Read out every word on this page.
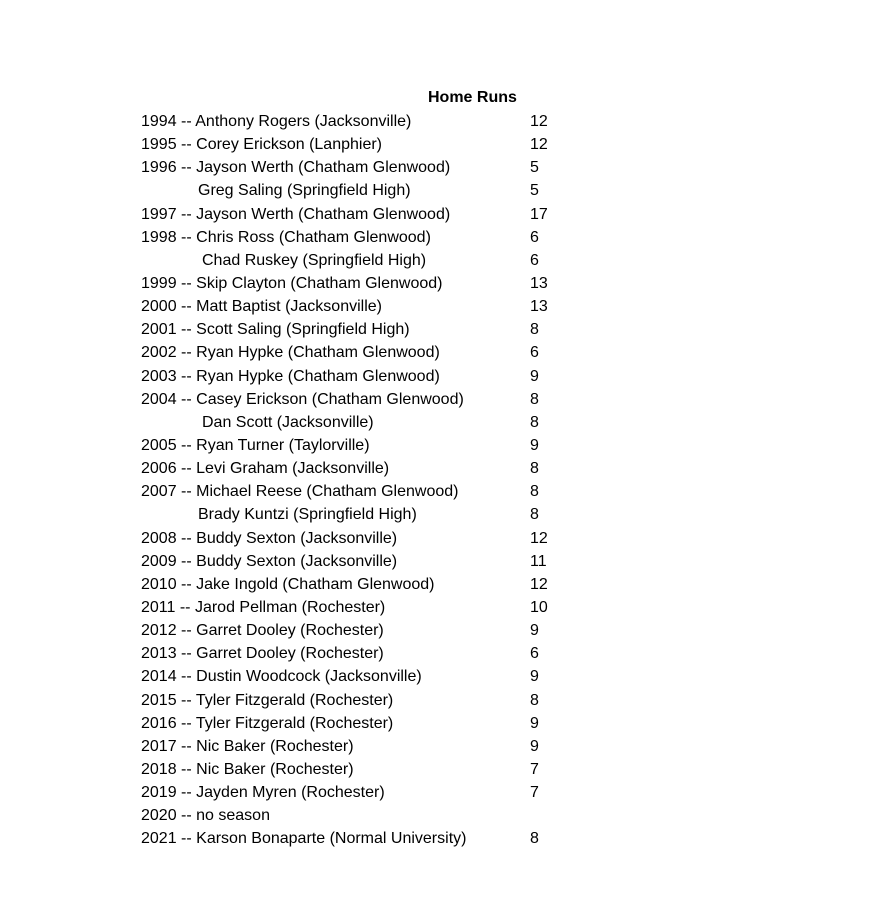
Home Runs
1994 -- Anthony Rogers (Jacksonville)	12
1995 -- Corey Erickson (Lanphier)	12
1996 -- Jayson Werth (Chatham Glenwood)	5
Greg Saling (Springfield High)	5
1997 -- Jayson Werth (Chatham Glenwood)	17
1998 -- Chris Ross (Chatham Glenwood)	6
Chad Ruskey (Springfield High)	6
1999 -- Skip Clayton (Chatham Glenwood)	13
2000 -- Matt Baptist (Jacksonville)	13
2001 -- Scott Saling (Springfield High)	8
2002 -- Ryan Hypke (Chatham Glenwood)	6
2003 -- Ryan Hypke (Chatham Glenwood)	9
2004 -- Casey Erickson (Chatham Glenwood)	8
Dan Scott (Jacksonville)	8
2005 -- Ryan Turner (Taylorville)	9
2006 -- Levi Graham (Jacksonville)	8
2007 -- Michael Reese (Chatham Glenwood)	8
Brady Kuntzi (Springfield High)	8
2008 -- Buddy Sexton (Jacksonville)	12
2009 -- Buddy Sexton (Jacksonville)	11
2010 -- Jake Ingold (Chatham Glenwood)	12
2011 -- Jarod Pellman (Rochester)	10
2012 -- Garret Dooley (Rochester)	9
2013 -- Garret Dooley (Rochester)	6
2014 -- Dustin Woodcock (Jacksonville)	9
2015 -- Tyler Fitzgerald (Rochester)	8
2016 -- Tyler Fitzgerald (Rochester)	9
2017 -- Nic Baker (Rochester)	9
2018 -- Nic Baker (Rochester)	7
2019 -- Jayden Myren (Rochester)	7
2020 -- no season
2021 -- Karson Bonaparte (Normal University)	8
